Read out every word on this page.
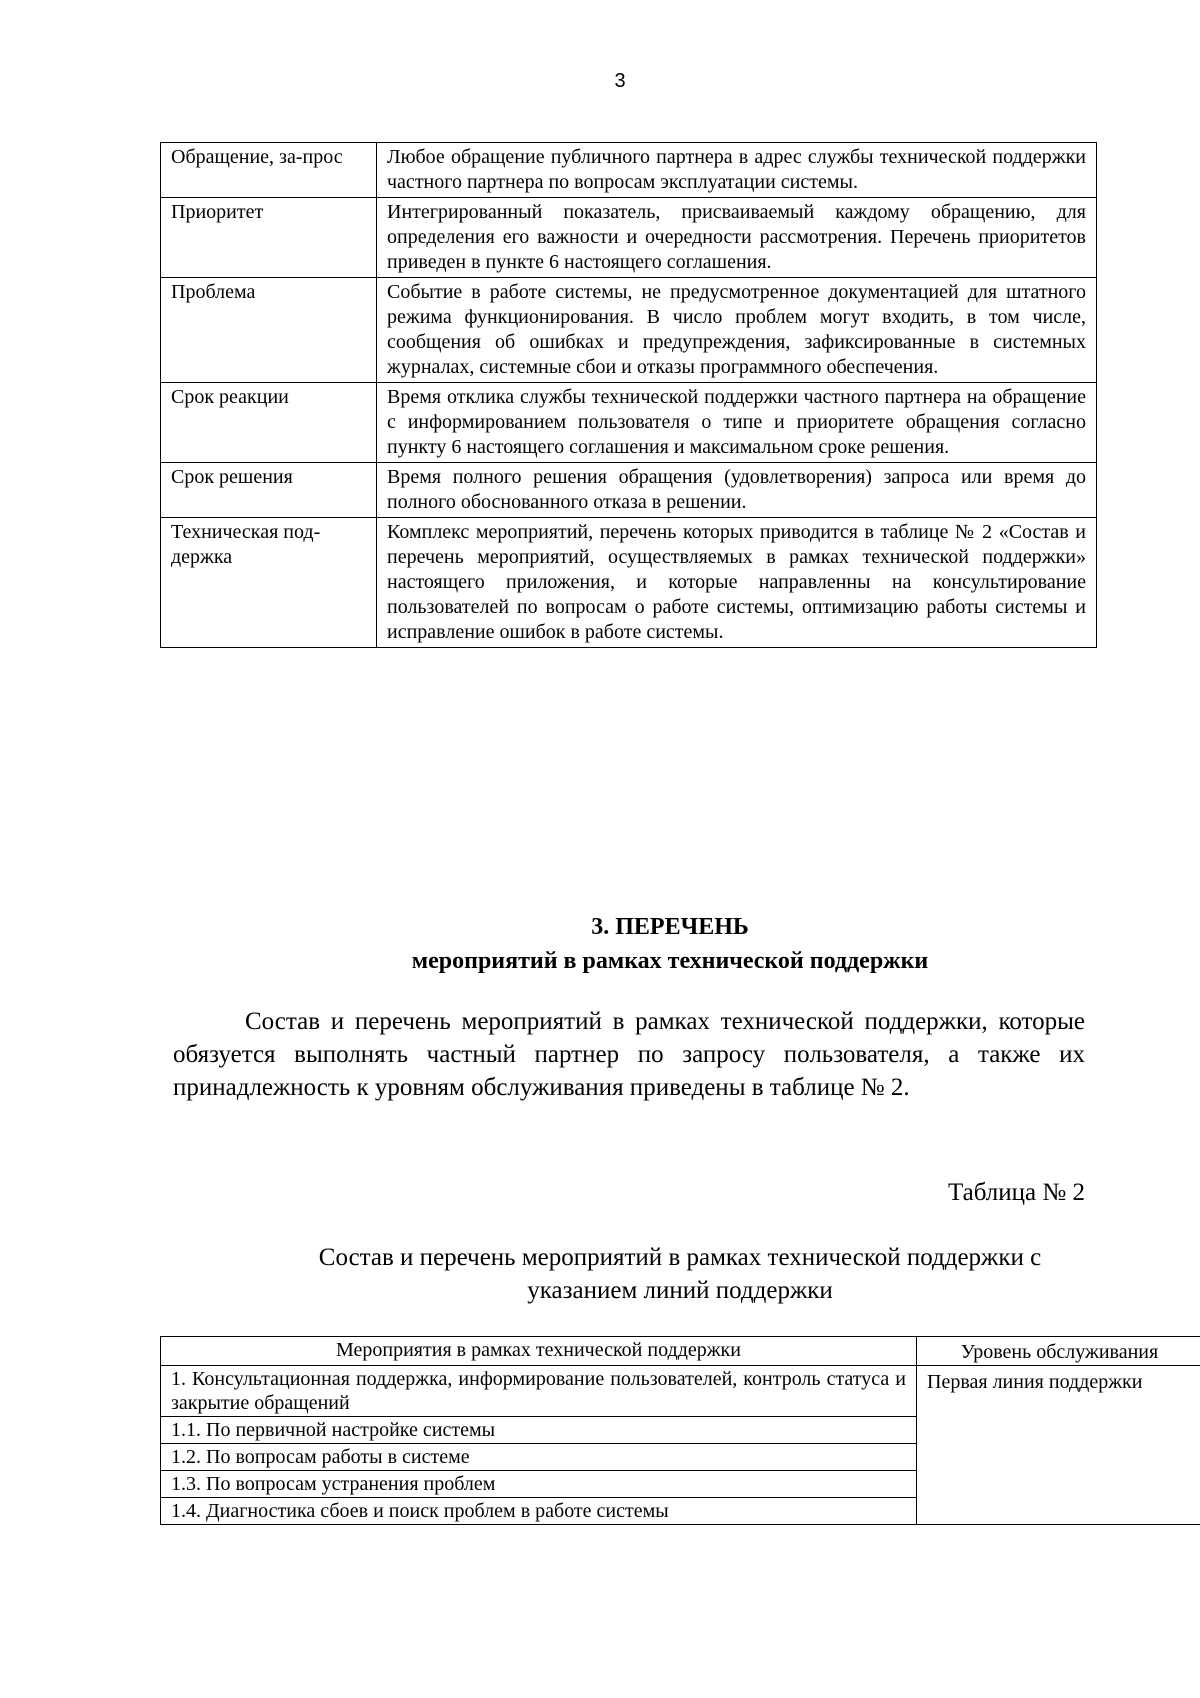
3
Обращение, за-прос	Любое обращение публичного партнера в адрес службы технической поддержки частного партнера по вопросам эксплуатации системы.
Приоритет	Интегрированный показатель, присваиваемый каждому обращению, для определения его важности и очередности рассмотрения. Перечень приоритетов приведен в пункте 6 настоящего соглашения.
Проблема	Событие в работе системы, не предусмотренное документацией для штатного режима функционирования. В число проблем могут входить, в том числе, сообщения об ошибках и предупреждения, зафиксированные в системных журналах, системные сбои и отказы программного обеспечения.
Срок реакции	Время отклика службы технической поддержки частного партнера на обращение с информированием пользователя о типе и приоритете обращения согласно пункту 6 настоящего соглашения и максимальном сроке решения.
Срок решения	Время полного решения обращения (удовлетворения) запроса или время до полного обоснованного отказа в решении.
Техническая под-держка	Комплекс мероприятий, перечень которых приводится в таблице № 2 «Состав и перечень мероприятий, осуществляемых в рамках технической поддержки» настоящего приложения, и которые направленны на консультирование пользователей по вопросам о работе системы, оптимизацию работы системы и исправление ошибок в работе системы.
3. ПЕРЕЧЕНЬ
мероприятий в рамках технической поддержки
Состав и перечень мероприятий в рамках технической поддержки, которые обязуется выполнять частный партнер по запросу пользователя, а также их принадлежность к уровням обслуживания приведены в таблице № 2.
Таблица № 2
Состав и перечень мероприятий в рамках технической поддержки с
указанием линий поддержки
Мероприятия в рамках технической поддержки	Уровень обслуживания
1. Консультационная поддержка, информирование пользователей, контроль статуса и закрытие обращений	Первая линия поддержки
1.1. По первичной настройке системы	
1.2. По вопросам работы в системе	
1.3. По вопросам устранения проблем	
1.4. Диагностика сбоев и поиск проблем в работе системы	
